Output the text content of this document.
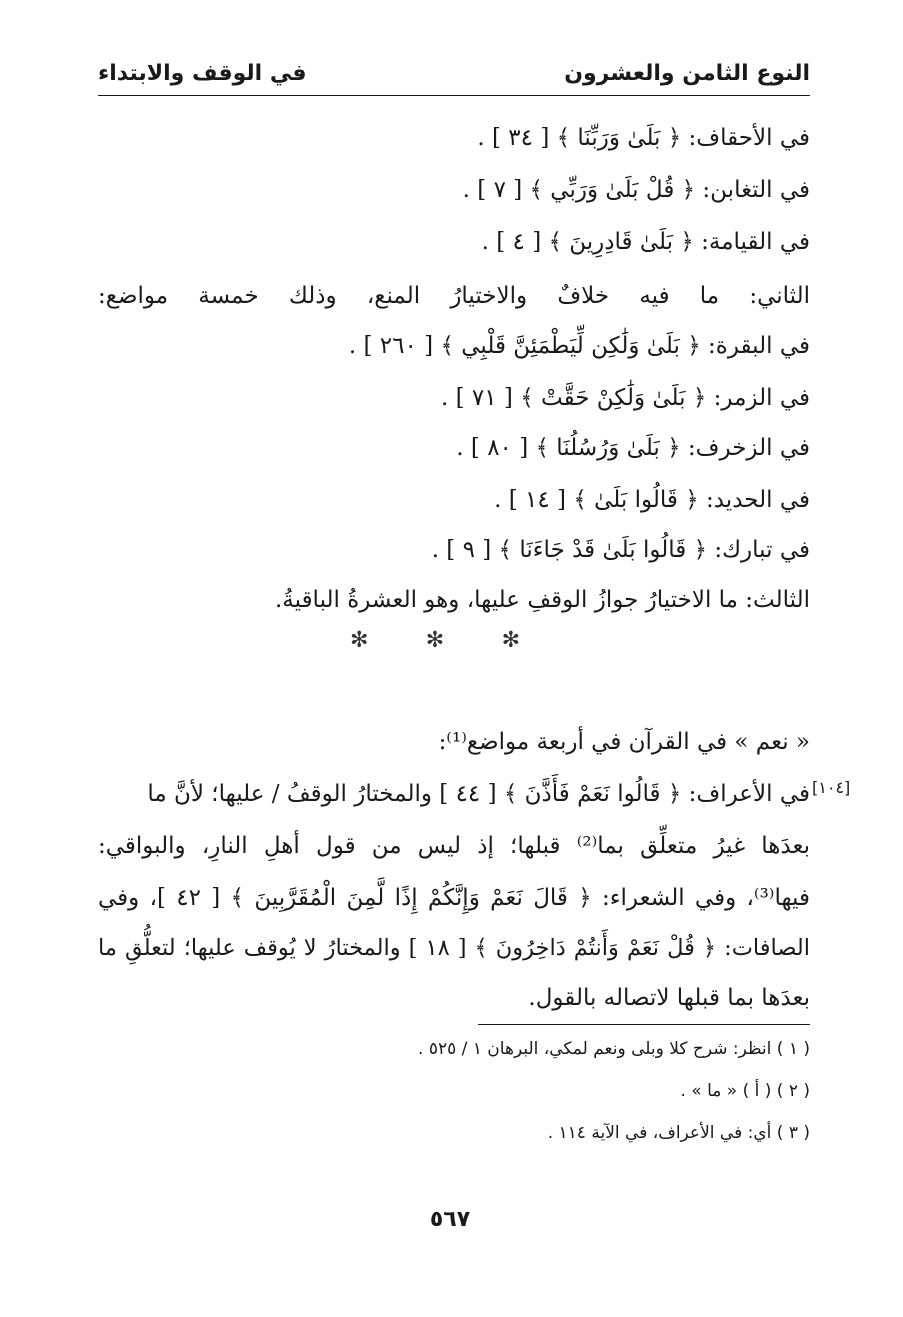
النوع الثامن والعشرون
في الوقف والابتداء
في الأحقاف: ﴿ بَلَىٰ وَرَبِّنَا ﴾ [ ٣٤ ] .
في التغابن: ﴿ قُلْ بَلَىٰ وَرَبِّي ﴾ [ ٧ ] .
في القيامة: ﴿ بَلَىٰ قَادِرِينَ ﴾ [ ٤ ] .
الثاني: ما فيه خلافٌ والاختيارُ المنع، وذلك خمسة مواضع:
في البقرة: ﴿ بَلَىٰ وَلَٰكِن لِّيَطْمَئِنَّ قَلْبِي ﴾ [ ٢٦٠ ] .
في الزمر: ﴿ بَلَىٰ وَلَٰكِنْ حَقَّتْ ﴾ [ ٧١ ] .
في الزخرف: ﴿ بَلَىٰ وَرُسُلُنَا ﴾ [ ٨٠ ] .
في الحديد: ﴿ قَالُوا بَلَىٰ ﴾ [ ١٤ ] .
في تبارك: ﴿ قَالُوا بَلَىٰ قَدْ جَاءَنَا ﴾ [ ٩ ] .
الثالث: ما الاختيارُ جوازُ الوقفِ عليها، وهو العشرةُ الباقيةُ.
✻	✻	✻
« نعم » في القرآن في أربعة مواضع⁽¹⁾:
في الأعراف: ﴿ قَالُوا نَعَمْ فَأَذَّنَ ﴾ [ ٤٤ ] والمختارُ الوقفُ / عليها؛ لأنَّ ما
بعدَها غيرُ متعلِّق بما⁽²⁾ قبلها؛ إذ ليس من قول أهلِ النارِ، والبواقي:
فيها⁽³⁾، وفي الشعراء: ﴿ قَالَ نَعَمْ وَإِنَّكُمْ إِذًا لَّمِنَ الْمُقَرَّبِينَ ﴾ [ ٤٢ ]، وفي
الصافات: ﴿ قُلْ نَعَمْ وَأَنتُمْ دَاخِرُونَ ﴾ [ ١٨ ] والمختارُ لا يُوقف عليها؛ لتعلُّقِ ما
بعدَها بما قبلها لاتصاله بالقول.
[١٠٤]
( ١ ) انظر: شرح كلا وبلى ونعم لمكي، البرهان ١ / ٥٢٥ .
( ٢ ) ( أ ) « ما » .
( ٣ ) أي: في الأعراف، في الآية ١١٤ .
٥٦٧
